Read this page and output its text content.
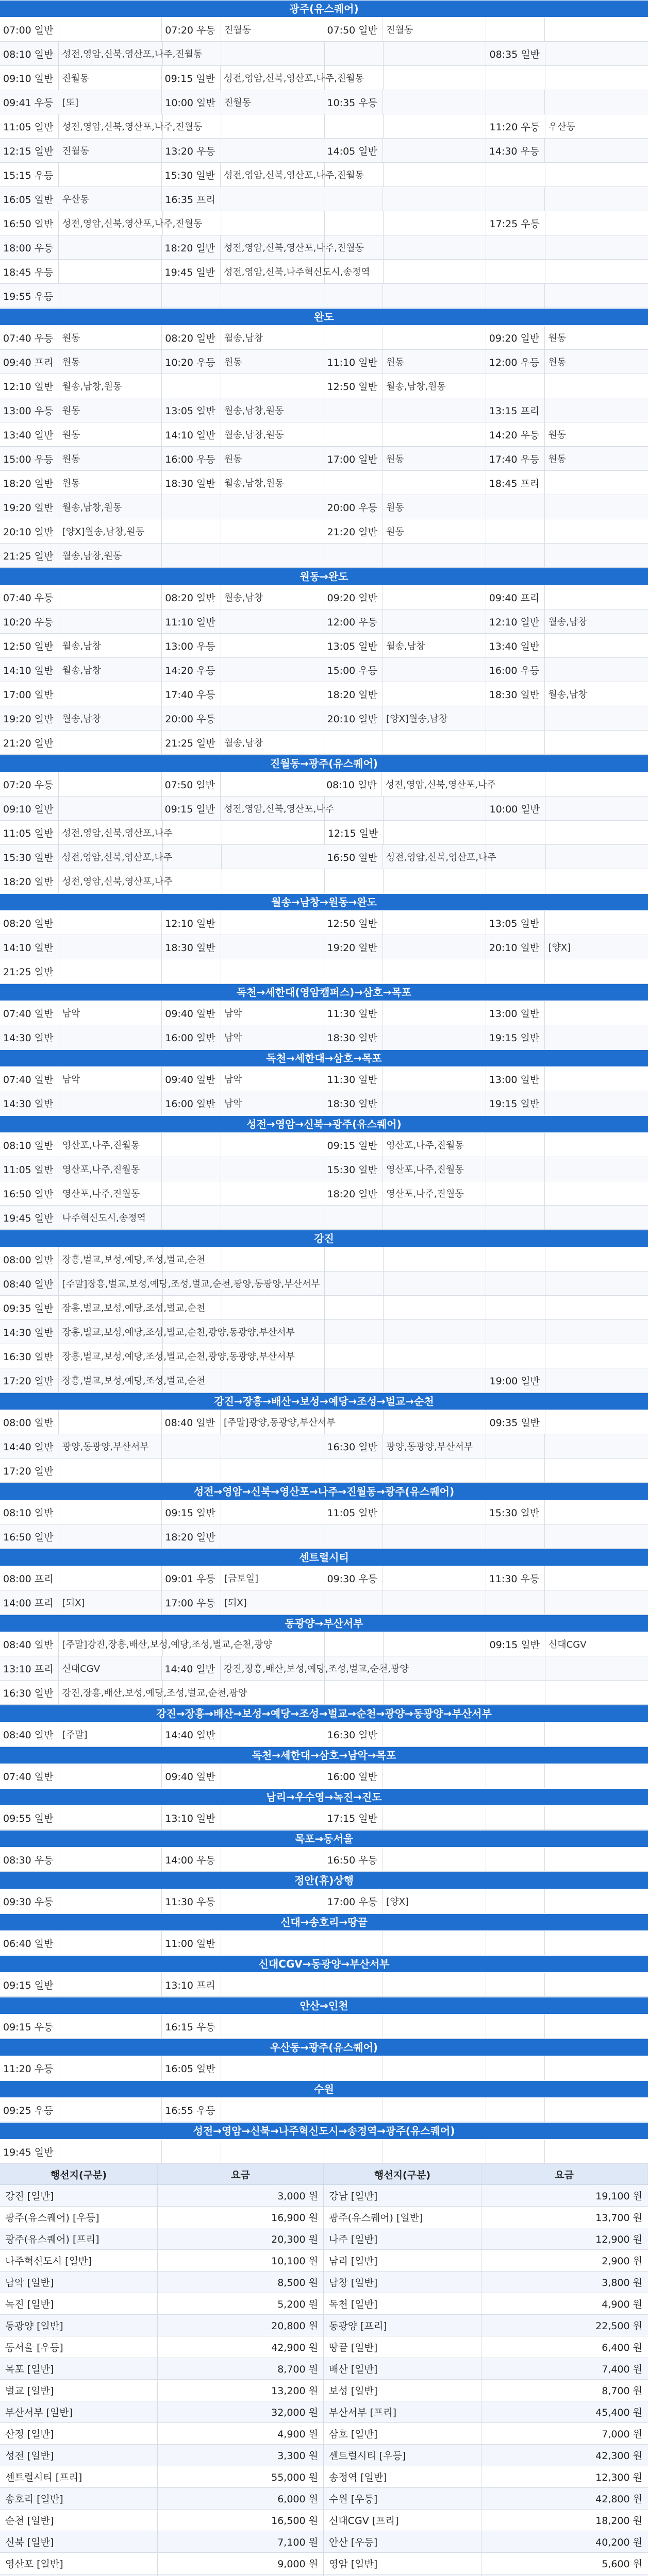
광주(유스퀘어)
07:00 일반	07:20 우등 진월동	07:50 일반 진월동
08:10 일반 성전,영암,신북,영산포,나주,진월동	08:35 일반
09:10 일반 진월동	09:15 일반 성전,영암,신북,영산포,나주,진월동
09:41 우등 [또]	10:00 일반 진월동	10:35 우등
11:05 일반 성전,영암,신북,영산포,나주,진월동	11:20 우등 우산동
12:15 일반 진월동	13:20 우등	14:05 일반	14:30 우등
15:15 우등	15:30 일반 성전,영암,신북,영산포,나주,진월동
16:05 일반 우산동	16:35 프리
16:50 일반 성전,영암,신북,영산포,나주,진월동	17:25 우등
18:00 우등	18:20 일반 성전,영암,신북,영산포,나주,진월동
18:45 우등	19:45 일반 성전,영암,신북,나주혁신도시,송정역
19:55 우등
완도
07:40 우등 원동	08:20 일반 월송,남창	09:20 일반 원동
09:40 프리 원동	10:20 우등 원동	11:10 일반 원동	12:00 우등 원동
12:10 일반 월송,남창,원동	12:50 일반 월송,남창,원동
13:00 우등 원동	13:05 일반 월송,남창,원동	13:15 프리
13:40 일반 원동	14:10 일반 월송,남창,원동	14:20 우등 원동
15:00 우등 원동	16:00 우등 원동	17:00 일반 원동	17:40 우등 원동
18:20 일반 원동	18:30 일반 월송,남창,원동	18:45 프리
19:20 일반 월송,남창,원동	20:00 우등 원동
20:10 일반 [양X]월송,남창,원동	21:20 일반 원동
21:25 일반 월송,남창,원동
원동→완도
07:40 우등	08:20 일반 월송,남창	09:20 일반	09:40 프리
10:20 우등	11:10 일반	12:00 우등	12:10 일반 월송,남창
12:50 일반 월송,남창	13:00 우등	13:05 일반 월송,남창	13:40 일반
14:10 일반 월송,남창	14:20 우등	15:00 우등	16:00 우등
17:00 일반	17:40 우등	18:20 일반	18:30 일반 월송,남창
19:20 일반 월송,남창	20:00 우등	20:10 일반 [양X]월송,남창
21:20 일반	21:25 일반 월송,남창
진월동→광주(유스퀘어)
07:20 우등	07:50 일반	08:10 일반 성전,영암,신북,영산포,나주
09:10 일반	09:15 일반 성전,영암,신북,영산포,나주	10:00 일반
11:05 일반 성전,영암,신북,영산포,나주	12:15 일반
15:30 일반 성전,영암,신북,영산포,나주	16:50 일반 성전,영암,신북,영산포,나주
18:20 일반 성전,영암,신북,영산포,나주
월송→남창→원동→완도
08:20 일반	12:10 일반	12:50 일반	13:05 일반
14:10 일반	18:30 일반	19:20 일반	20:10 일반 [양X]
21:25 일반
독천→세한대(영암캠퍼스)→삼호→목포
07:40 일반 남악	09:40 일반 남악	11:30 일반	13:00 일반
14:30 일반	16:00 일반 남악	18:30 일반	19:15 일반
독천→세한대→삼호→목포
07:40 일반 남악	09:40 일반 남악	11:30 일반	13:00 일반
14:30 일반	16:00 일반 남악	18:30 일반	19:15 일반
성전→영암→신북→광주(유스퀘어)
08:10 일반 영산포,나주,진월동	09:15 일반 영산포,나주,진월동
11:05 일반 영산포,나주,진월동	15:30 일반 영산포,나주,진월동
16:50 일반 영산포,나주,진월동	18:20 일반 영산포,나주,진월동
19:45 일반 나주혁신도시,송정역
강진
08:00 일반 장흥,벌교,보성,예당,조성,벌교,순천
08:40 일반 [주말]장흥,벌교,보성,예당,조성,벌교,순천,광양,동광양,부산서부
09:35 일반 장흥,벌교,보성,예당,조성,벌교,순천
14:30 일반 장흥,벌교,보성,예당,조성,벌교,순천,광양,동광양,부산서부
16:30 일반 장흥,벌교,보성,예당,조성,벌교,순천,광양,동광양,부산서부
17:20 일반 장흥,벌교,보성,예당,조성,벌교,순천	19:00 일반
강진→장흥→배산→보성→예당→조성→벌교→순천
08:00 일반	08:40 일반 [주말]광양,동광양,부산서부	09:35 일반
14:40 일반 광양,동광양,부산서부	16:30 일반 광양,동광양,부산서부
17:20 일반
성전→영암→신북→영산포→나주→진월동→광주(유스퀘어)
08:10 일반	09:15 일반	11:05 일반	15:30 일반
16:50 일반	18:20 일반
센트럴시티
08:00 프리	09:01 우등 [금토일]	09:30 우등	11:30 우등
14:00 프리 [되X]	17:00 우등 [되X]
동광양→부산서부
08:40 일반 [주말]강진,장흥,배산,보성,예당,조성,벌교,순천,광양	09:15 일반 신대CGV
13:10 프리 신대CGV	14:40 일반 강진,장흥,배산,보성,예당,조성,벌교,순천,광양
16:30 일반 강진,장흥,배산,보성,예당,조성,벌교,순천,광양
강진→장흥→배산→보성→예당→조성→벌교→순천→광양→동광양→부산서부
08:40 일반 [주말]	14:40 일반	16:30 일반
독천→세한대→삼호→남악→목포
07:40 일반	09:40 일반	16:00 일반
남리→우수영→녹진→진도
09:55 일반	13:10 일반	17:15 일반
목포→동서울
08:30 우등	14:00 우등	16:50 우등
정안(휴)상행
09:30 우등	11:30 우등	17:00 우등 [양X]
신대→송호리→땅끝
06:40 일반	11:00 일반
신대CGV→동광양→부산서부
09:15 일반	13:10 프리
안산→인천
09:15 우등	16:15 우등
우산동→광주(유스퀘어)
11:20 우등	16:05 일반
수원
09:25 우등	16:55 우등
성전→영암→신북→나주혁신도시→송정역→광주(유스퀘어)
19:45 일반
행선지(구분)	요금	행선지(구분)	요금
강진 [일반]	3,000 원	강남 [일반]	19,100 원
광주(유스퀘어) [우등]	16,900 원	광주(유스퀘어) [일반]	13,700 원
광주(유스퀘어) [프리]	20,300 원	나주 [일반]	12,900 원
나주혁신도시 [일반]	10,100 원	남리 [일반]	2,900 원
남악 [일반]	8,500 원	남창 [일반]	3,800 원
녹진 [일반]	5,200 원	독천 [일반]	4,900 원
동광양 [일반]	20,800 원	동광양 [프리]	22,500 원
동서울 [우등]	42,900 원	땅끝 [일반]	6,400 원
목포 [일반]	8,700 원	배산 [일반]	7,400 원
벌교 [일반]	13,200 원	보성 [일반]	8,700 원
부산서부 [일반]	32,000 원	부산서부 [프리]	45,400 원
산정 [일반]	4,900 원	삼호 [일반]	7,000 원
성전 [일반]	3,300 원	센트럴시티 [우등]	42,300 원
센트럴시티 [프리]	55,000 원	송정역 [일반]	12,300 원
송호리 [일반]	6,000 원	수원 [우등]	42,800 원
순천 [일반]	16,500 원	신대CGV [프리]	18,200 원
신북 [일반]	7,100 원	안산 [우등]	40,200 원
영산포 [일반]	9,000 원	영암 [일반]	5,600 원
